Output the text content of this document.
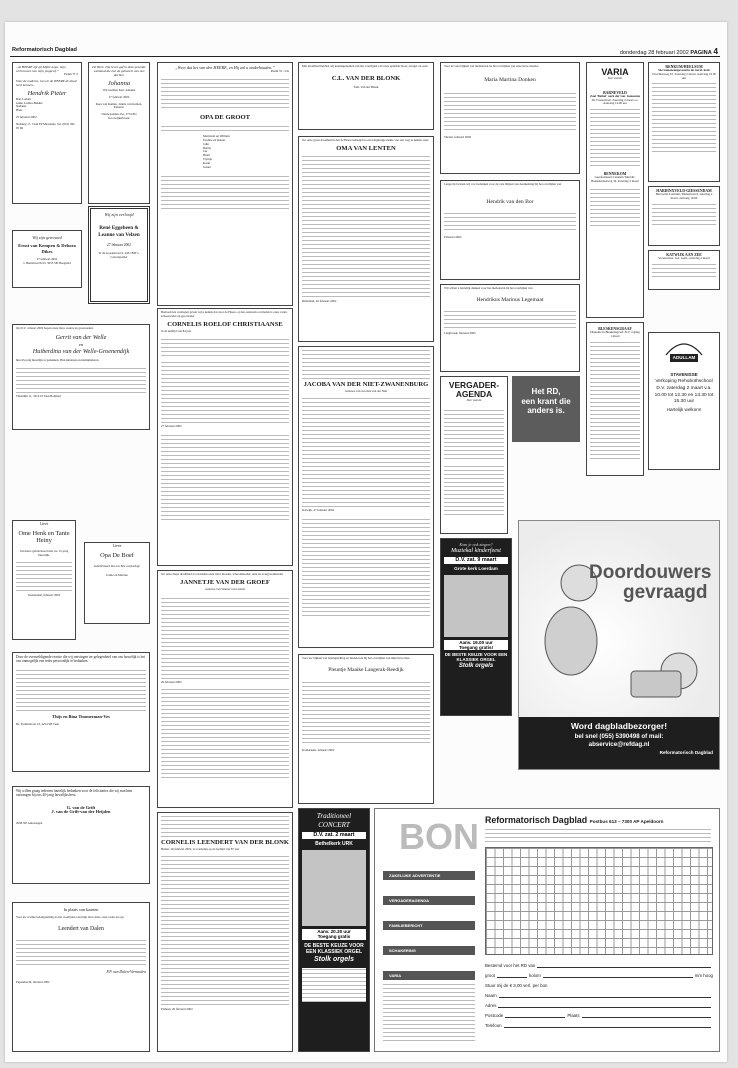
Reformatorisch Dagblad	donderdag 28 februari 2002 PAGINA 4
„Al HEERE zijt gij Mijne hope, mijn vertrouwen van mijn jeugd af.”
Psalm 71:5
Voor de ouderen, tot wie de HEERE de dood leert kennen...
Hendrik Pieter
Bart Lodder
Jenke Lodder-Bakker
Nadanie
Hans
25 februari 2002
Nobsing 17, 3144 EP Maassluis, Tel. (010) 592 05 60
De Here. Die leven gaf in deze gezonde welstand die een de geboorte van ons dochter
Johanna
Wij noemen haar: Anneke
27 februari 2002
Kees van Kamen, Jannie van Kamen-Pieterse
Nieuwpadden 25a, 3774 PD Kootwijkerbroek
Wij zijn getrouwd
Ernst van Kempen & Debora Dikes
27 februari 2002
v. Bentstraat 82 D, 3033 SB Hoogland
Wij zijn verloofd
René Eggebeen & Leanne van Velzen
27 februari 2002
W de Goedestraat 9, 4431 BH 's-Gravenpolder
Op D.V. 4 maart 2002 hopen onze lieve ouders en grootouders
Gerrit van der Welle
en
Huiberdina van der Welle-Groenendijk
hun 45-jarig huwelijk te gedenken. Hun kinderen en kleinkinderen.
Tilstedijk 11, 3216 LT Den Bommel
Lieve
Ome Henk en Tante Heiny
Van harte gefeliciteerd met uw 15-jarig huwelijk.
Veenendaal, februari 2002
Lieve
Opa De Boef
Gefeliciteerd met uw 80e verjaardag!
Joline en Martine
Door de overweldigende reactie die wij ontvingen ter gelegenheid van ons huwelijk is het ons onmogelijk een ieder persoonlijk te bedanken.
Thijs en Bina Timmerman-Ves
Dr. Tjalmastraat 23, 4254 SB Veen
Wij willen graag iedereen hartelijk bedanken voor de felicitaties die wij mochten ontvangen bij ons 40-jarig huwelijksfeest.
G. van de Grift
J. van de Grift-van der Heijden
2958 XE Amerongen
In plaats van kaarten
Voor uw warme belangstelling na het overlijden van mijn lieve man, onze vader en opa
Leendert van Dalen
F.P. van Dalen-Vermeulen
Papendrecht, februari 2002
„Weet dat het van den HEERE, en Hij zal u onderhouden.”
Psalm 55 : 23a
OPA DE GROOT
Marjolein en William
Eveline en Robert
John
Benny
Jan
Henri
Tryntje
Karin
Jeanet
Bedroefd en verslagen geven wij u kennis dat door de Heere, op het ouderom overleden is onze vader, schoonvader en grootvader
CORNELIS ROELOF CHRISTIAANSE
in de leeftijd van 84 jaar
27 februari 2002
Tot onze diepe droefheid is overleden onze lieve moeder, schoonmoeder, oma en overgrootmoeder
JANNETJE VAN DER GROEF
weduwe van Wouter van Lenten
26 februari 2002
CORNELIS LEENDERT VAN DER BLONK
Heden, 26 februari 2002, is overleden op de leeftijd van 87 jaar
Elshout, 26 februari 2002
Met droefheid hebben wij kennisgenomen van het overlijden van onze geliefde broer, zwager en oom
C.L. VAN DER BLONK
Fam. Van der Blonk
Tot onze grote droefheid is het de Heere behaagd na een langdurige ziekte van ons weg te nemen onze
OMA VAN LENTEN
Dirksland, 26 februari 2002
JACOBA VAN DER NIET-ZWANENBURG
weduwe van Jacobus van der Niet
Katwijk, 27 februari 2002
Voor uw blijken van belangstelling en medeleven bij het overlijden van mijn lieve man
Pleuntje Maaike Langerak-Reedijk
Kolderkerk, februari 2002
Voor de vele blijken van medeleven na het overlijden van onze lieve moeder
Maria Martina Donken
Tholen, februari 2002
Lange tijd wisten wij u te bedanken voor de vele blijken van deelneming bij het overlijden van
Hendrik van den Bor
Februari 2002
Wij willen u hartelijk danken voor het medeleven bij het overlijden van
Hendrikus Marinus Legemaat
Langbroek, februari 2002
VERGADER-AGENDA
Dee vonnin
Het RD,
een krant die
anders is.
Kom je ook zingen?
Muziekal kinderfeest
D.V. zat. 9 maart
Grote kerk Loerdam
Aanv. 19.00 uur
Toegang gratis!
DE BESTE KEUZE VOOR EEN KLASSIEK ORGEL
Stolk orgels
Traditioneel CONCERT
D.V. zat. 2 maart
Bethelkerk URK
Aanv. 20.30 uur
Toegang gratis
DE BESTE KEUZE VOOR EEN KLASSIEK ORGEL
Stolk orgels
VARIA
Dee vonnin
BARNEVELD
Zaal 'Bethel' werk der Ger. Gemeente
Dr. Frazerstraat. Zaterdag 2 maart a.s. Aanvang 14.00 uur
BENNEKOM
Gereformeerd Centrum 'Moriah', Bennekomseweg 34. Zaterdag 2 maart
BLESKENSGRAAF
Diakonie in Bleskensgraaf: D.V. vrijdag 1 maart
RENKUM/HEELSUM
54e Samenzangavond in de Geref. kerk
Utrechtseweg 61, Zaterdag 2 maart, Aanvang 19.30 uur
HARDINXVELD-GIESSENDAM
Hervormd Centrum, Talmastraat 9, zaterdag 2 maart, aanvang 19.00
KATWIJK AAN ZEE
Vrouwenver. Ger. Gem., zaterdag 2 maart
ADULLAM
STAVENISSE
Verkoping Rehobothschool D.V. zaterdag 2 maart v.a. 10.00 tot 12.30 en 13.30 tot 15.30 uur
Hartelijk welkom!
Doordouwers
gevraagd
Word dagbladbezorger!
bel snel (055) 5390498 of mail:
abservice@refdag.nl
Reformatorisch Dagblad
BON
ZAKELIJKE ADVERTENTIE
VERGADERAGENDA
FAMILIEBERICHT
SCHAKERING
VARIA
Reformatorisch Dagblad Postbus 613 – 7300 AP Apeldoorn
Bestemd voor het RD van
groot	kolom	mm hoog
Stuur mij de € 3,00 verl. per bon
Naam
Adres
Postcode	Plaats
Telefoon
